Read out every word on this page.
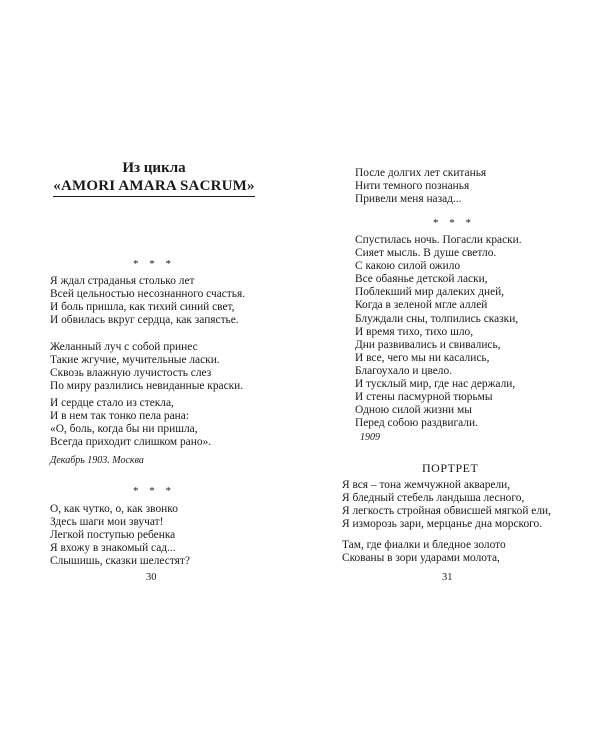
Из цикла
«AMORI AMARA SACRUM»
* * *
Я ждал страданья столько лет
Всей цельностью несознанного счастья.
И боль пришла, как тихий синий свет,
И обвилась вкруг сердца, как запястье.
Желанный луч с собой принес
Такие жгучие, мучительные ласки.
Сквозь влажную лучистость слез
По миру разлились невиданные краски.
И сердце стало из стекла,
И в нем так тонко пела рана:
«О, боль, когда бы ни пришла,
Всегда приходит слишком рано».
Декабрь 1903. Москва
* * *
О, как чутко, о, как звонко
Здесь шаги мои звучат!
Легкой поступью ребенка
Я вхожу в знакомый сад...
Слышишь, сказки шелестят?
30
После долгих лет скитанья
Нити темного познанья
Привели меня назад...
* * *
Спустилась ночь. Погасли краски.
Сияет мысль. В душе светло.
С какою силой ожило
Все обаянье детской ласки,
Поблекший мир далеких дней,
Когда в зеленой мгле аллей
Блуждали сны, толпились сказки,
И время тихо, тихо шло,
Дни развивались и свивались,
И все, чего мы ни касались,
Благоухало и цвело.
И тусклый мир, где нас держали,
И стены пасмурной тюрьмы
Одною силой жизни мы
Перед собою раздвигали.
1909
ПОРТРЕТ
Я вся – тона жемчужной акварели,
Я бледный стебель ландыша лесного,
Я легкость стройная обвисшей мягкой ели,
Я изморозь зари, мерцанье дна морского.
Там, где фиалки и бледное золото
Скованы в зори ударами молота,
31
